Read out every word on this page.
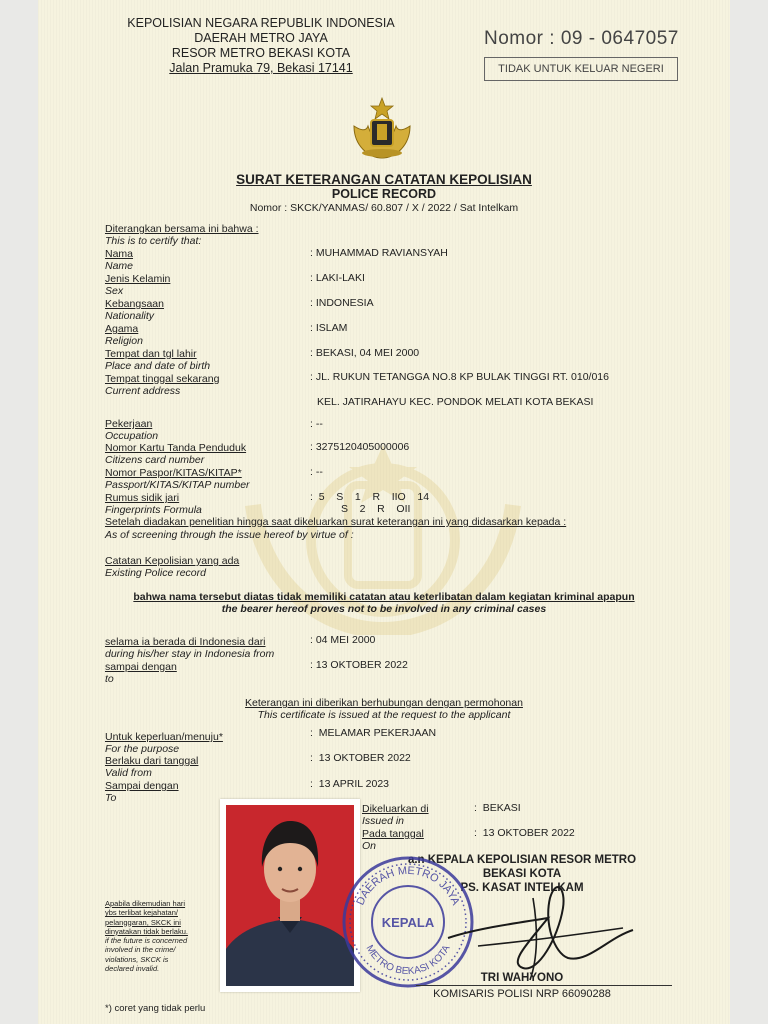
KEPOLISIAN NEGARA REPUBLIK INDONESIA
DAERAH METRO JAYA
RESOR METRO BEKASI KOTA
Jalan Pramuka 79, Bekasi 17141
Nomor : 09 - 0647057
TIDAK UNTUK KELUAR NEGERI
SURAT KETERANGAN CATATAN KEPOLISIAN
POLICE RECORD
Nomor : SKCK/YANMAS/ 60.807 / X / 2022 / Sat Intelkam
Diterangkan bersama ini bahwa :
This is to certify that:
Nama
Name
: MUHAMMAD RAVIANSYAH
Jenis Kelamin
Sex
: LAKI-LAKI
Kebangsaan
Nationality
: INDONESIA
Agama
Religion
: ISLAM
Tempat dan tgl lahir
Place and date of birth
: BEKASI, 04 MEI 2000
Tempat tinggal sekarang
Current address
: JL. RUKUN TETANGGA NO.8 KP BULAK TINGGI RT. 010/016
KEL. JATIRAHAYU KEC. PONDOK MELATI KOTA BEKASI
Pekerjaan
Occupation
: --
Nomor Kartu Tanda Penduduk
Citizens card number
: 3275120405000006
Nomor Paspor/KITAS/KITAP*
Passport/KITAS/KITAP number
: --
Rumus sidik jari
Fingerprints Formula
:  5    S    1    R    IIO    14
S    2    R    OII
Setelah diadakan penelitian hingga saat dikeluarkan surat keterangan ini yang didasarkan kepada :
As of screening through the issue hereof by virtue of :
Catatan Kepolisian yang ada
Existing Police record
bahwa nama tersebut diatas tidak memiliki catatan atau keterlibatan dalam kegiatan kriminal apapun
the bearer hereof proves not to be involved in any criminal cases
selama ia berada di Indonesia dari
during his/her stay in Indonesia from
: 04 MEI 2000
sampai dengan
to
: 13 OKTOBER 2022
Keterangan ini diberikan berhubungan dengan permohonan
This certificate is issued at the request to the applicant
Untuk keperluan/menuju*
For the purpose
:  MELAMAR PEKERJAAN
Berlaku dari tanggal
Valid from
:  13 OKTOBER 2022
Sampai dengan
To
:  13 APRIL 2023
Dikeluarkan di
Issued in
:  BEKASI
Pada tanggal
On
:  13 OKTOBER 2022
a.n KEPALA KEPOLISIAN RESOR METRO
BEKASI KOTA
PS. KASAT INTELKAM
DAERAH METRO JAYA
METRO BEKASI KOTA
KEPALA
TRI WAHYONO
KOMISARIS POLISI NRP 66090288
Apabila dikemudian hari
ybs terlibat kejahatan/
pelanggaran, SKCK ini
dinyatakan tidak berlaku.
if the future is concerned
involved in the crime/
violations, SKCK is
declared invalid.
*) coret yang tidak perlu
